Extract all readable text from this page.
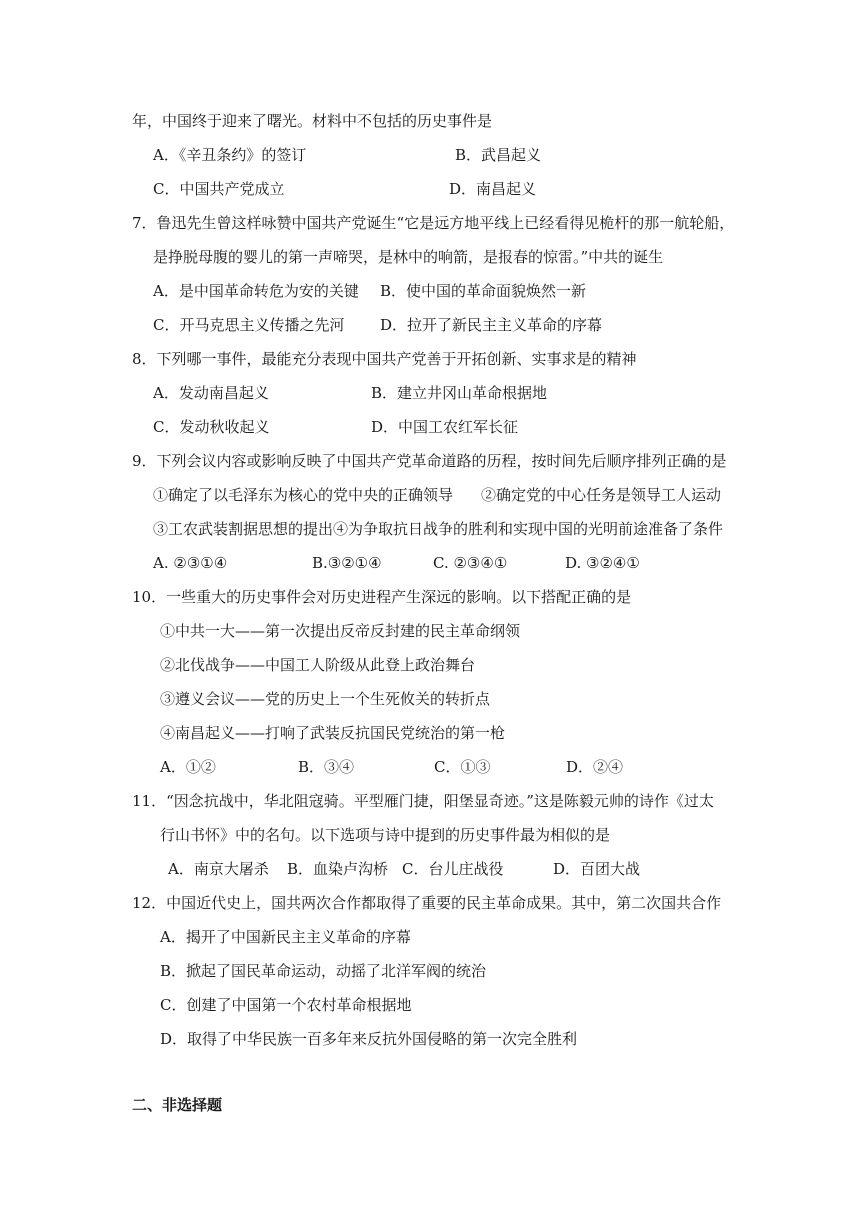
年，中国终于迎来了曙光。材料中不包括的历史事件是
A．《辛丑条约》的签订	B．武昌起义
C．中国共产党成立	D．南昌起义
7．鲁迅先生曾这样咏赞中国共产党诞生“它是远方地平线上已经看得见桅杆的那一航轮船，
是挣脱母腹的婴儿的第一声啼哭，是林中的响箭，是报春的惊雷。”中共的诞生
A．是中国革命转危为安的关键 B．使中国的革命面貌焕然一新
C．开马克思主义传播之先河 D．拉开了新民主主义革命的序幕
8．下列哪一事件，最能充分表现中国共产党善于开拓创新、实事求是的精神
A．发动南昌起义	B．建立井冈山革命根据地
C．发动秋收起义	D．中国工农红军长征
9．下列会议内容或影响反映了中国共产党革命道路的历程，按时间先后顺序排列正确的是
①确定了以毛泽东为核心的党中央的正确领导 ②确定党的中心任务是领导工人运动
③工农武装割据思想的提出④为争取抗日战争的胜利和实现中国的光明前途准备了条件
A. ②③①④	B.③②①④	C. ②③④①	D. ③②④①
10．一些重大的历史事件会对历史进程产生深远的影响。以下搭配正确的是
①中共一大——第一次提出反帝反封建的民主革命纲领
②北伐战争——中国工人阶级从此登上政治舞台
③遵义会议——党的历史上一个生死攸关的转折点
④南昌起义——打响了武装反抗国民党统治的第一枪
A．①②	B．③④	C．①③	D．②④
11．“因念抗战中，华北阻寇骑。平型雁门捷，阳堡显奇迹。”这是陈毅元帅的诗作《过太
行山书怀》中的名句。以下选项与诗中提到的历史事件最为相似的是
A．南京大屠杀 B．血染卢沟桥 C．台儿庄战役	D．百团大战
12．中国近代史上，国共两次合作都取得了重要的民主革命成果。其中，第二次国共合作
A．揭开了中国新民主主义革命的序幕
B．掀起了国民革命运动，动摇了北洋军阀的统治
C．创建了中国第一个农村革命根据地
D．取得了中华民族一百多年来反抗外国侵略的第一次完全胜利
二、非选择题
